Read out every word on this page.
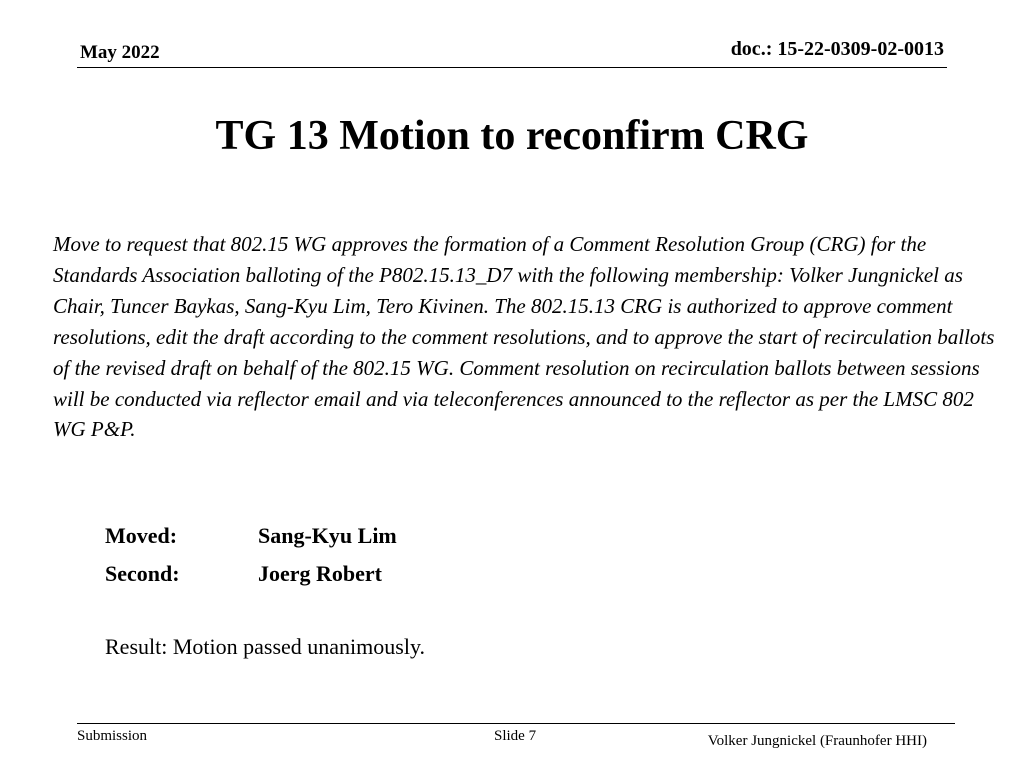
May 2022	doc.: 15-22-0309-02-0013
TG 13 Motion to reconfirm CRG
Move to request that 802.15 WG approves the formation of a Comment Resolution Group (CRG) for the Standards Association balloting of the P802.15.13_D7 with the following membership: Volker Jungnickel as Chair, Tuncer Baykas, Sang-Kyu Lim, Tero Kivinen. The 802.15.13 CRG is authorized to approve comment resolutions, edit the draft according to the comment resolutions, and to approve the start of recirculation ballots of the revised draft on behalf of the 802.15 WG. Comment resolution on recirculation ballots between sessions will be conducted via reflector email and via teleconferences announced to the reflector as per the LMSC 802 WG P&P.
Moved:	Sang-Kyu Lim
Second:	Joerg Robert
Result: Motion passed unanimously.
Submission	Slide 7	Volker Jungnickel (Fraunhofer HHI)
